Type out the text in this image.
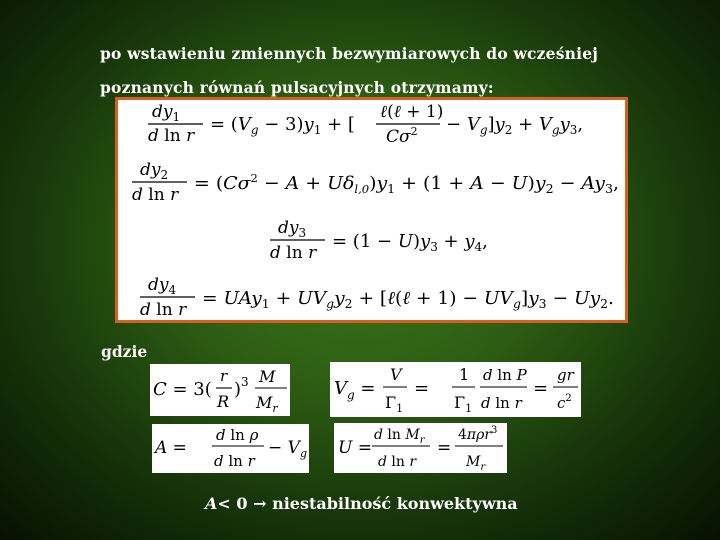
po wstawieniu zmiennych bezwymiarowych do wcześniej
poznanych równań pulsacyjnych otrzymamy:
$dy_1$
d ln r
= $(V_g - 3)y_1$ + [
ℓ(ℓ + 1)
$C\sigma^2 - V_g]y_2 + V_gy_3$,
$dy_2$
d ln r
= $(C\sigma^2 - A + U\delta_{l,0})y_1 + (1 + A - U)y_2 - Ay_3$,
$dy_3$
d ln r
= $(1 - U)y_3 + y_4$,
$dy_4$
d ln r
= $UAy_1 + UV_gy_2$ + [ℓ(ℓ + $1) - UV_g]y_3 - Uy_2$.
gdzie
C = 3(
r
R
)$^3$ M
$M_r$
$V_g$ =
V
$\Gamma_1$
=
1
$\Gamma_1$
d ln P
d ln r
=
gr
$c^2$
A =
d ln ρ
d ln r
− $V_g$ U =
d $\ln M_r$
d ln r
=
4πρr$^3$
$M_r$
A< 0 → niestabilność konwektywna
